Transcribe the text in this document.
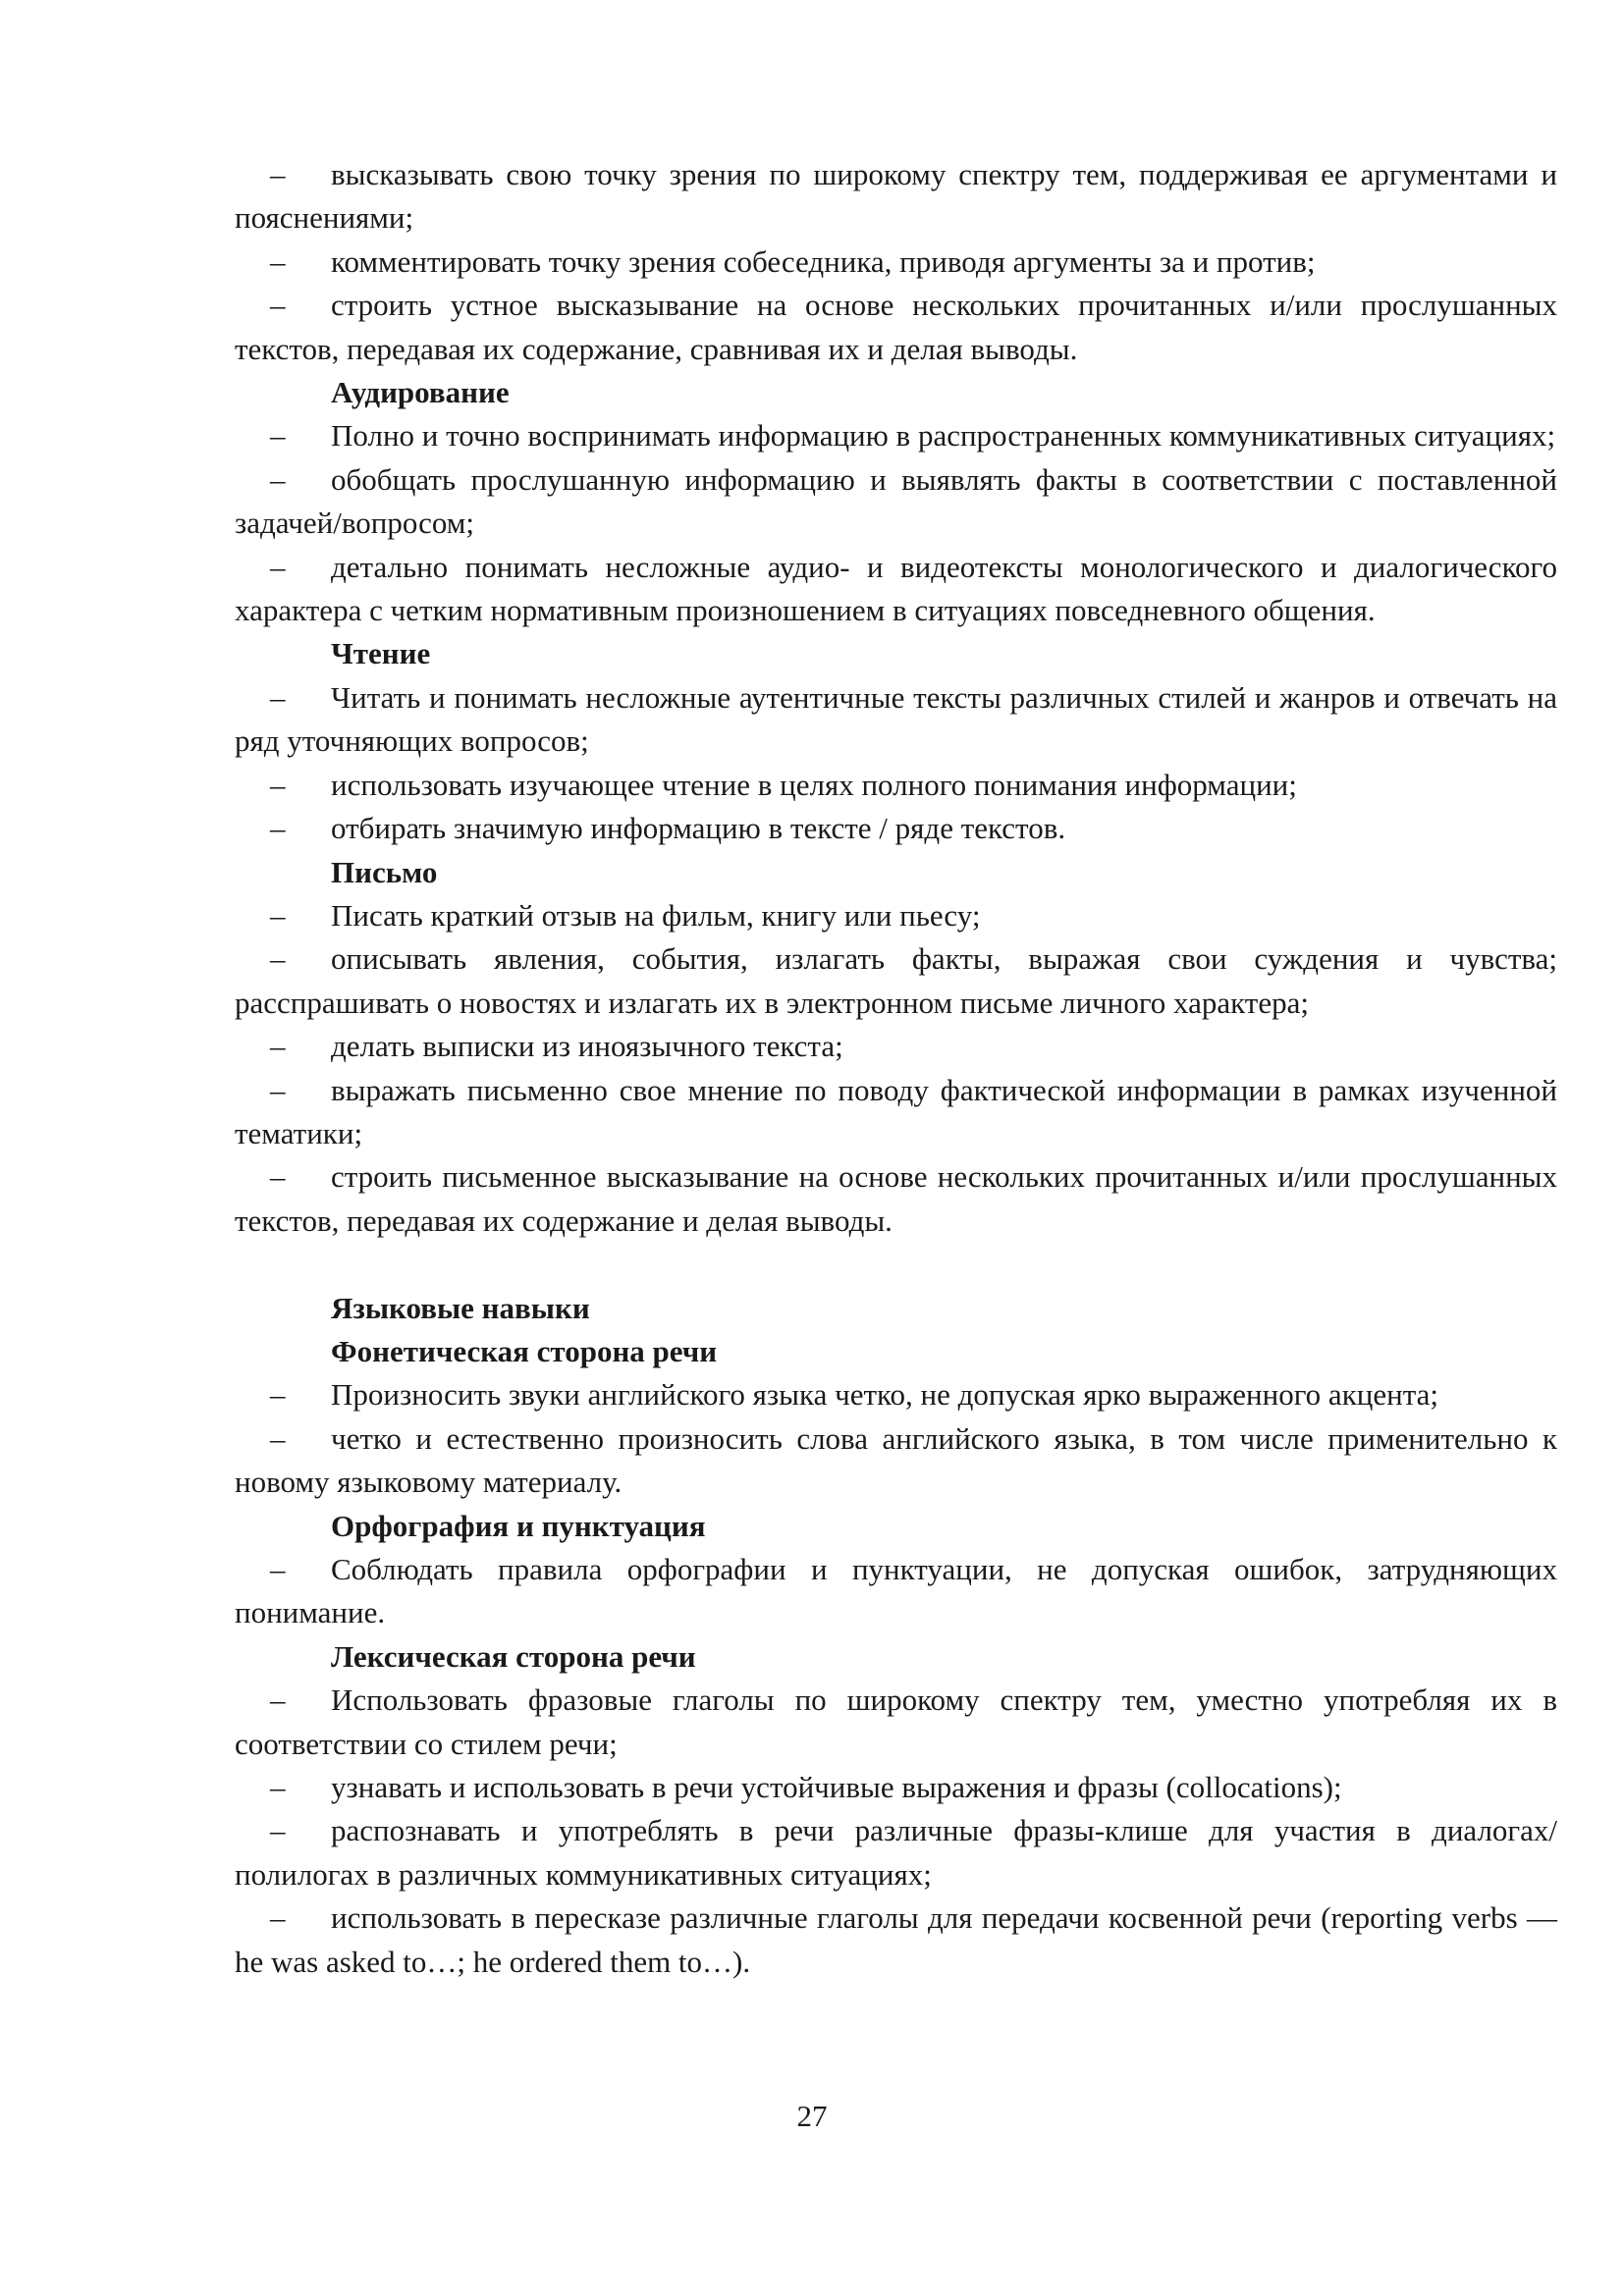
– высказывать свою точку зрения по широкому спектру тем, поддерживая ее аргументами и пояснениями;

– комментировать точку зрения собеседника, приводя аргументы за и против;

– строить устное высказывание на основе нескольких прочитанных и/или прослушанных текстов, передавая их содержание, сравнивая их и делая выводы.

Аудирование

– Полно и точно воспринимать информацию в распространенных коммуникативных ситуациях;

– обобщать прослушанную информацию и выявлять факты в соответствии с поставленной задачей/вопросом;

– детально понимать несложные аудио- и видеотексты монологического и диалогического характера с четким нормативным произношением в ситуациях повседневного общения.

Чтение

– Читать и понимать несложные аутентичные тексты различных стилей и жанров и отвечать на ряд уточняющих вопросов;

– использовать изучающее чтение в целях полного понимания информации;

– отбирать значимую информацию в тексте / ряде текстов.

Письмо

– Писать краткий отзыв на фильм, книгу или пьесу;

– описывать явления, события, излагать факты, выражая свои суждения и чувства; расспрашивать о новостях и излагать их в электронном письме личного характера;

– делать выписки из иноязычного текста;

– выражать письменно свое мнение по поводу фактической информации в рамках изученной тематики;

– строить письменное высказывание на основе нескольких прочитанных и/или прослушанных текстов, передавая их содержание и делая выводы.

Языковые навыки

Фонетическая сторона речи

– Произносить звуки английского языка четко, не допуская ярко выраженного акцента;

– четко и естественно произносить слова английского языка, в том числе применительно к новому языковому материалу.

Орфография и пунктуация

– Соблюдать правила орфографии и пунктуации, не допуская ошибок, затрудняющих понимание.

Лексическая сторона речи

– Использовать фразовые глаголы по широкому спектру тем, уместно употребляя их в соответствии со стилем речи;

– узнавать и использовать в речи устойчивые выражения и фразы (collocations);

– распознавать и употреблять в речи различные фразы-клише для участия в диалогах/полилогах в различных коммуникативных ситуациях;

– использовать в пересказе различные глаголы для передачи косвенной речи (reporting verbs — he was asked to…; he ordered them to…).

27
